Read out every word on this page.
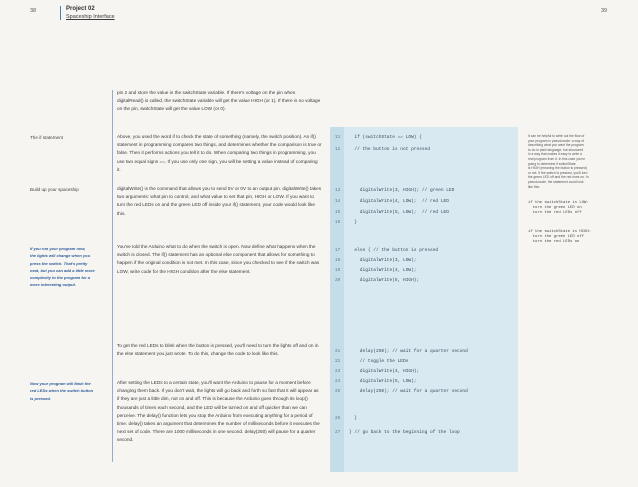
38	Project 02
Spaceship Interface
39
The if statement
Build up your spaceship
If you run your program now,
the lights will change when you
press the switch. That's pretty
neat, but you can add a little more
complexity to the program for a
more interesting output.
Now your program will flash the
red LEDs when the switch button
is pressed.

pin 2 and store the value in the switchState variable. If there's voltage on the pin when digitalRead() is called, the switchState variable will get the value HIGH (or 1). If there is no voltage on the pin, switchState will get the value LOW (or 0).

Above, you used the word if to check the state of something (namely, the switch position). An if() statement in programming compares two things, and determines whether the comparison is true or false. Then it performs actions you tell it to do. When comparing two things in programming, you use two equal signs ==. If you use only one sign, you will be setting a value instead of comparing it.

digitalWrite() is the command that allows you to send 5V or 0V to an output pin. digitalWrite() takes two arguments: what pin to control, and what value to set that pin, HIGH or LOW. If you want to turn the red LEDs on and the green LED off inside your if() statement, your code would look like this.

You've told the Arduino what to do when the switch is open. Now define what happens when the switch is closed. The if() statement has an optional else component that allows for something to happen if the original condition is not met. In this case, since you checked to see if the switch was LOW, write code for the HIGH condition after the else statement.

To get the red LEDs to blink when the button is pressed, you'll need to turn the lights off and on in the else statement you just wrote. To do this, change the code to look like this.

After setting the LEDs to a certain state, you'll want the Arduino to pause for a moment before changing them back. If you don't wait, the lights will go back and forth so fast that it will appear as if they are just a little dim, not on and off. This is because the Arduino goes through its loop() thousands of times each second, and the LED will be turned on and off quicker than we can perceive. The delay() function lets you stop the Arduino from executing anything for a period of time. delay() takes an argument that determines the number of milliseconds before it executes the next set of code. There are 1000 milliseconds in one second. delay(250) will pause for a quarter second.

11 if (switchState == LOW) {
12 // the button is not pressed
13 digitalWrite(3, HIGH); // green LED
14 digitalWrite(4, LOW);  // red LED
15 digitalWrite(5, LOW);  // red LED
16 }
17 else { // the button is pressed
18 digitalWrite(3, LOW);
19 digitalWrite(4, LOW);
20 digitalWrite(5, HIGH);
21 delay(250); // wait for a quarter second
22 // toggle the LEDs
23 digitalWrite(4, HIGH);
24 digitalWrite(5, LOW);
25 delay(250); // wait for a quarter second
26 }
27 } // go back to the beginning of the loop
It can be helpful to write out the flow of
your program in pseudocode: a way of
describing what you want the program
to do in plain language, but structured
in a way that makes it easy to write a
real program from it. In this case you're
going to determine if switchState
is HIGH (meaning the button is pressed)
or not. If the switch is pressed, you'll turn
the green LED off and the red ones on. In
pseudocode, the statement could look
like this:

if the switchState is LOW:
turn the green LED on
turn the red LEDs off

if the switchState is HIGH:
turn the green LED off
turn the red LEDs on
